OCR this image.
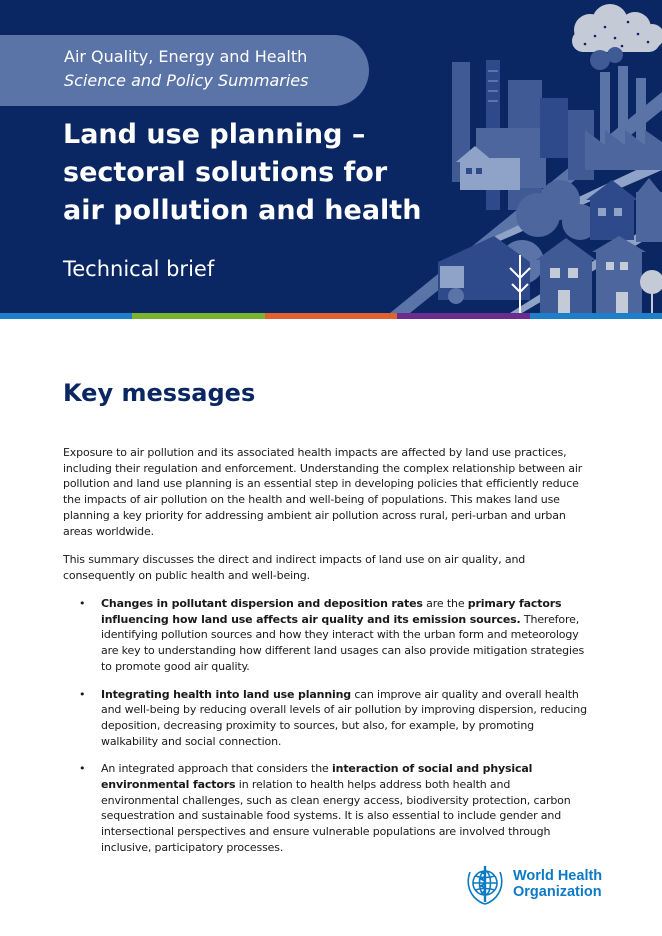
Air Quality, Energy and Health
Science and Policy Summaries
Land use planning –
sectoral solutions for
air pollution and health
Technical brief
Key messages

Exposure to air pollution and its associated health impacts are affected by land use practices, including their regulation and enforcement. Understanding the complex relationship between air pollution and land use planning is an essential step in developing policies that efficiently reduce the impacts of air pollution on the health and well-being of populations. This makes land use planning a key priority for addressing ambient air pollution across rural, peri-urban and urban areas worldwide.

This summary discusses the direct and indirect impacts of land use on air quality, and consequently on public health and well-being.

• Changes in pollutant dispersion and deposition rates are the primary factors influencing how land use affects air quality and its emission sources. Therefore, identifying pollution sources and how they interact with the urban form and meteorology are key to understanding how different land usages can also provide mitigation strategies to promote good air quality.
• Integrating health into land use planning can improve air quality and overall health and well-being by reducing overall levels of air pollution by improving dispersion, reducing deposition, decreasing proximity to sources, but also, for example, by promoting walkability and social connection.
• An integrated approach that considers the interaction of social and physical environmental factors in relation to health helps address both health and environmental challenges, such as clean energy access, biodiversity protection, carbon sequestration and sustainable food systems. It is also essential to include gender and intersectional perspectives and ensure vulnerable populations are involved through inclusive, participatory processes.
World Health
Organization
